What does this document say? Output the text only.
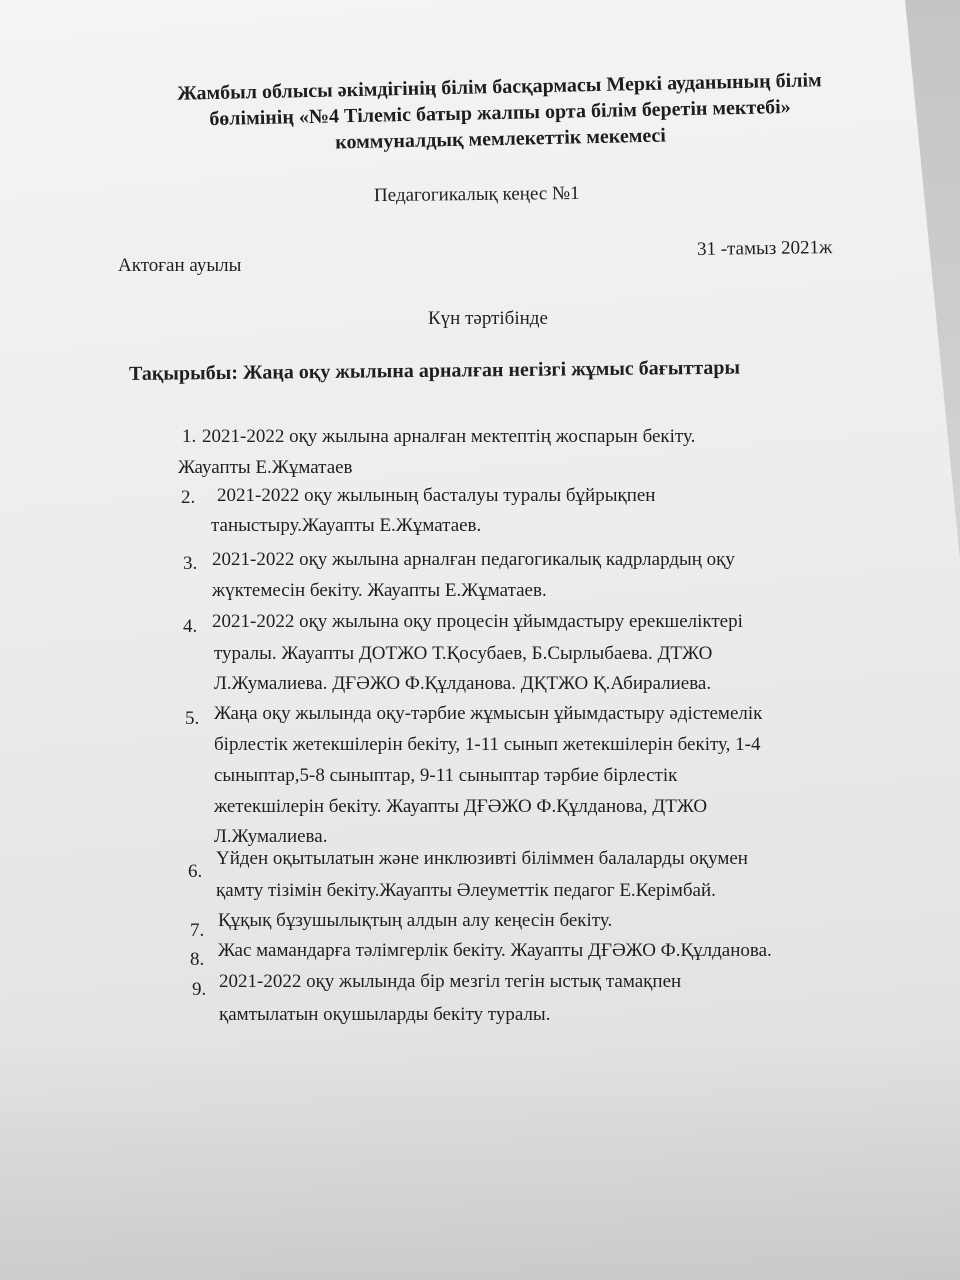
Жамбыл облысы әкімдігінің білім басқармасы Меркі ауданының білім
бөлімінің «№4 Тілеміс батыр жалпы орта білім беретін мектебі»
коммуналдық мемлекеттік мекемесі
Педагогикалық кеңес №1
Актоған ауылы
31 -тамыз 2021ж
Күн тәртібінде
Тақырыбы: Жаңа оқу жылына арналған негізгі жұмыс бағыттары
1. 2021-2022 оқу жылына арналған мектептің жоспарын бекіту.
Жауапты Е.Жұматаев
2. 2021-2022 оқу жылының басталуы туралы бұйрықпен
таныстыру.Жауапты Е.Жұматаев.
3. 2021-2022 оқу жылына арналған педагогикалық кадрлардың оқу
жүктемесін бекіту. Жауапты Е.Жұматаев.
4. 2021-2022 оқу жылына оқу процесін ұйымдастыру ерекшеліктері
туралы. Жауапты ДОТЖО Т.Қосубаев, Б.Сырлыбаева. ДТЖО
Л.Жумалиева. ДҒӘЖО Ф.Құлданова. ДҚТЖО Қ.Абиралиева.
5. Жаңа оқу жылында оқу-тәрбие жұмысын ұйымдастыру әдістемелік
бірлестік жетекшілерін бекіту, 1-11 сынып жетекшілерін бекіту, 1-4
сыныптар,5-8 сыныптар, 9-11 сыныптар тәрбие бірлестік
жетекшілерін бекіту. Жауапты ДҒӘЖО Ф.Құлданова, ДТЖО
Л.Жумалиева.
6.
Үйден оқытылатын және инклюзивті біліммен балаларды оқумен
қамту тізімін бекіту.Жауапты Әлеуметтік педагог Е.Керімбай.
7. Құқық бұзушылықтың алдын алу кеңесін бекіту.
8. Жас мамандарға тәлімгерлік бекіту. Жауапты ДҒӘЖО Ф.Құлданова.
9. 2021-2022 оқу жылында бір мезгіл тегін ыстық тамақпен
қамтылатын оқушыларды бекіту туралы.
